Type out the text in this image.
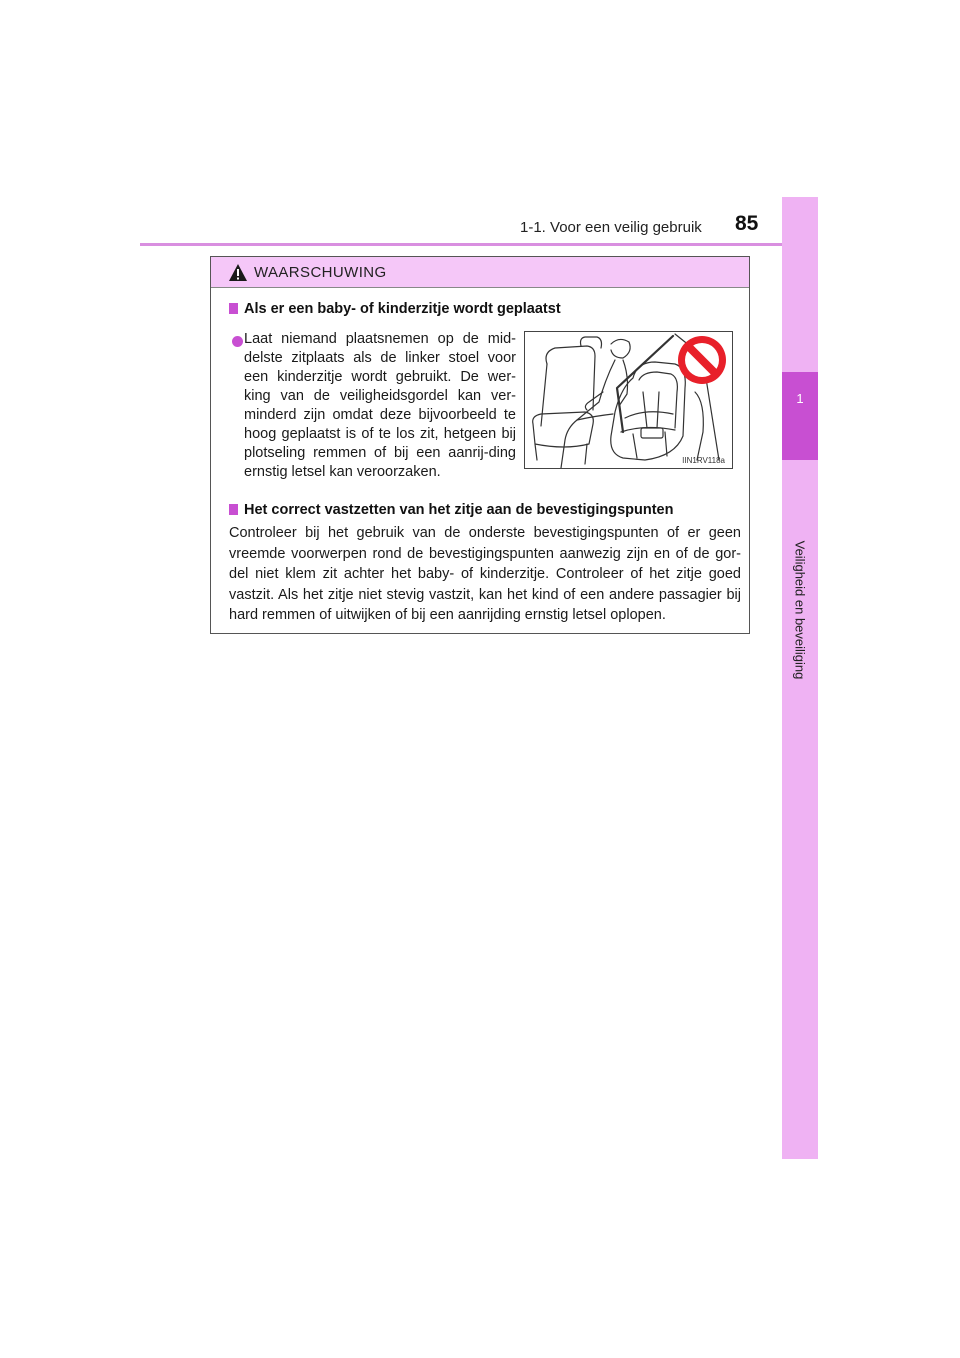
1-1. Voor een veilig gebruik 85
1
Veiligheid en beveiliging
WAARSCHUWING
Als er een baby- of kinderzitje wordt geplaatst
Laat niemand plaatsnemen op de mid-delste zitplaats als de linker stoel voor een kinderzitje wordt gebruikt. De wer-king van de veiligheidsgordel kan ver-minderd zijn omdat deze bijvoorbeeld te hoog geplaatst is of te los zit, hetgeen bij plotseling remmen of bij een aanrij-ding ernstig letsel kan veroorzaken.
IIN1RV118a
Het correct vastzetten van het zitje aan de bevestigingspunten
Controleer bij het gebruik van de onderste bevestigingspunten of er geen vreemde voorwerpen rond de bevestigingspunten aanwezig zijn en of de gor-del niet klem zit achter het baby- of kinderzitje. Controleer of het zitje goed vastzit. Als het zitje niet stevig vastzit, kan het kind of een andere passagier bij hard remmen of uitwijken of bij een aanrijding ernstig letsel oplopen.
